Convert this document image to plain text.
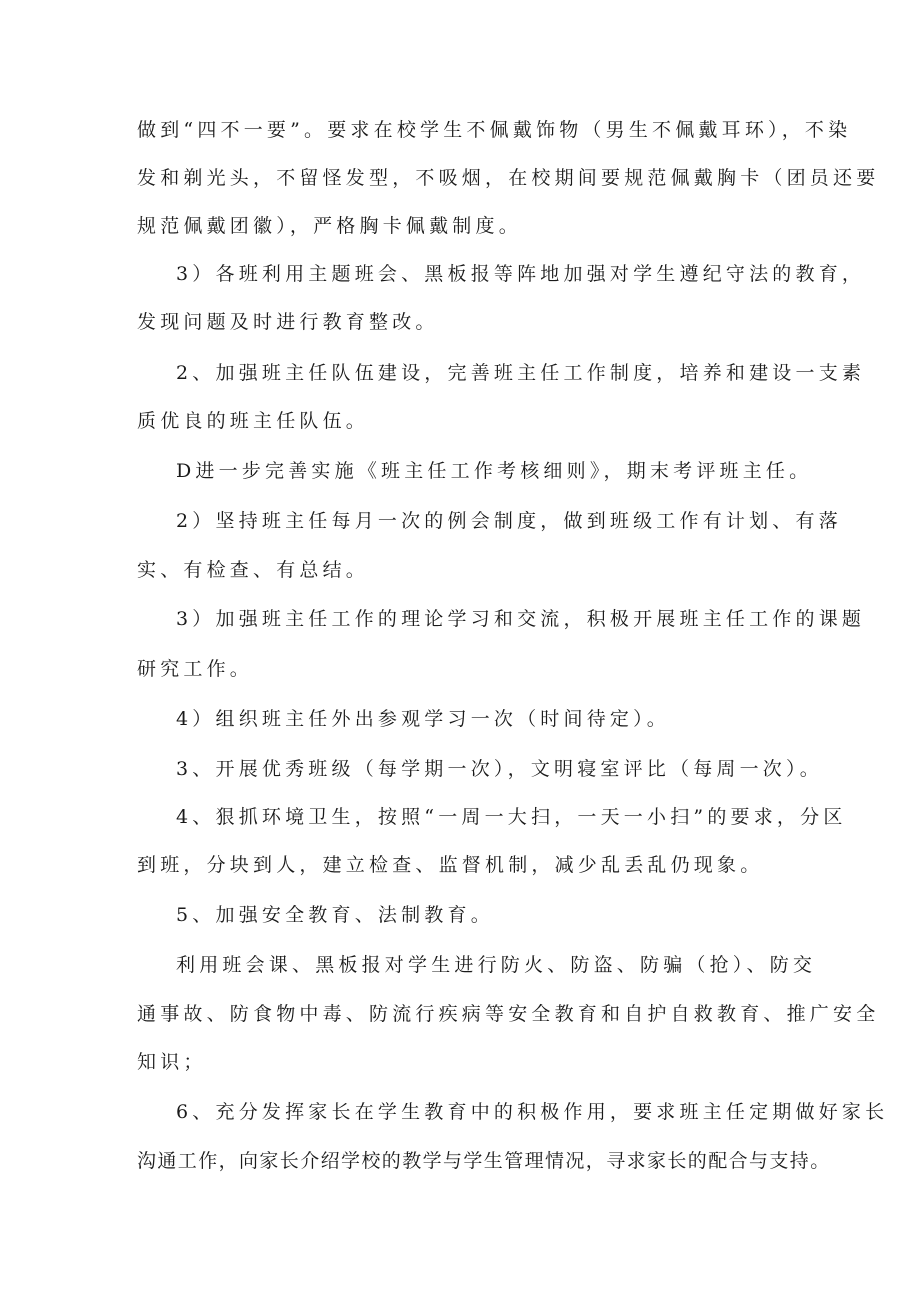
做到“四不一要”。要求在校学生不佩戴饰物（男生不佩戴耳环），不染
发和剃光头，不留怪发型，不吸烟，在校期间要规范佩戴胸卡（团员还要
规范佩戴团徽），严格胸卡佩戴制度。
3）各班利用主题班会、黑板报等阵地加强对学生遵纪守法的教育，
发现问题及时进行教育整改。
2、加强班主任队伍建设，完善班主任工作制度，培养和建设一支素
质优良的班主任队伍。
D进一步完善实施《班主任工作考核细则》，期末考评班主任。
2）坚持班主任每月一次的例会制度，做到班级工作有计划、有落
实、有检查、有总结。
3）加强班主任工作的理论学习和交流，积极开展班主任工作的课题
研究工作。
4）组织班主任外出参观学习一次（时间待定）。
3、开展优秀班级（每学期一次），文明寝室评比（每周一次）。
4、狠抓环境卫生，按照“一周一大扫，一天一小扫”的要求，分区
到班，分块到人，建立检查、监督机制，减少乱丢乱仍现象。
5、加强安全教育、法制教育。
利用班会课、黑板报对学生进行防火、防盗、防骗（抢）、防交
通事故、防食物中毒、防流行疾病等安全教育和自护自救教育、推广安全
知识；
6、充分发挥家长在学生教育中的积极作用，要求班主任定期做好家长
沟通工作，向家长介绍学校的教学与学生管理情况，寻求家长的配合与支持。
